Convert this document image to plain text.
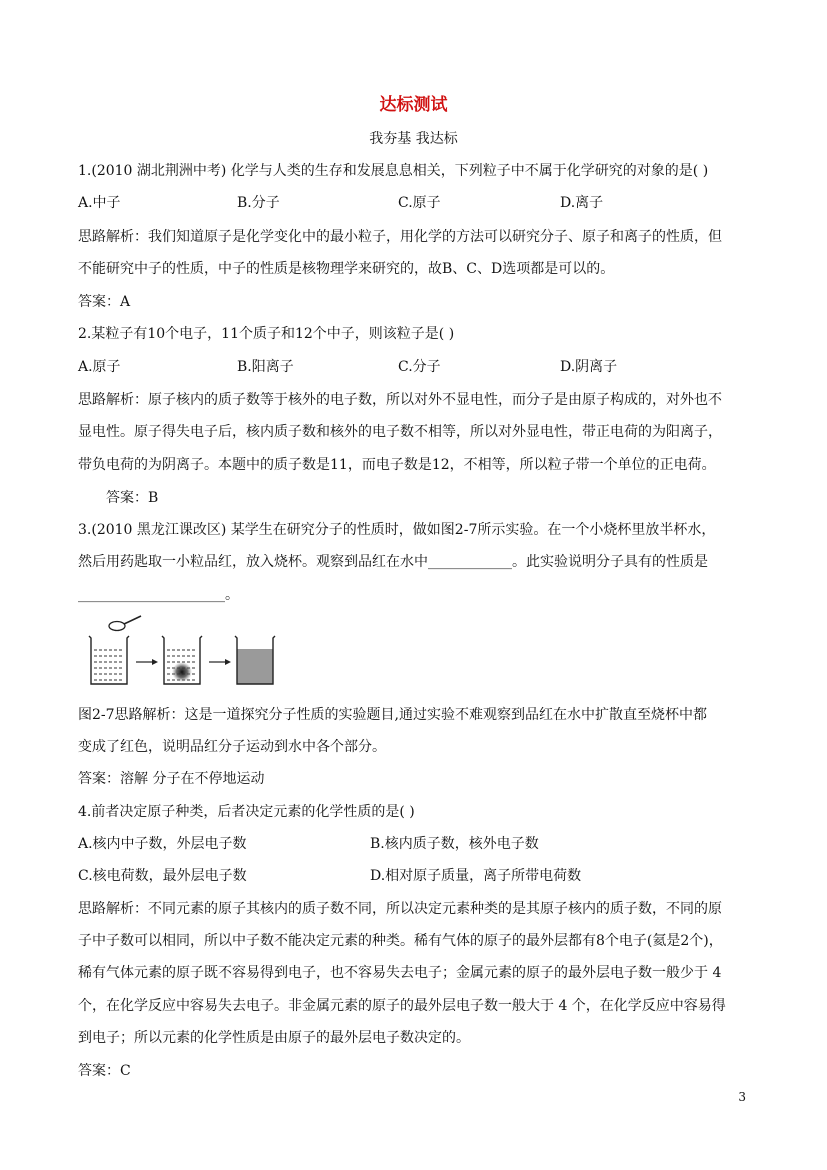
达标测试
我夯基 我达标
1.(2010 湖北荆洲中考) 化学与人类的生存和发展息息相关，下列粒子中不属于化学研究的对象的是( )
A.中子	B.分子	C.原子	D.离子
思路解析：我们知道原子是化学变化中的最小粒子，用化学的方法可以研究分子、原子和离子的性质，但
不能研究中子的性质，中子的性质是核物理学来研究的，故B、C、D选项都是可以的。
答案：A
2.某粒子有10个电子，11个质子和12个中子，则该粒子是( )
A.原子	B.阳离子	C.分子	D.阴离子
思路解析：原子核内的质子数等于核外的电子数，所以对外不显电性，而分子是由原子构成的，对外也不
显电性。原子得失电子后，核内质子数和核外的电子数不相等，所以对外显电性，带正电荷的为阳离子，
带负电荷的为阴离子。本题中的质子数是11，而电子数是12，不相等，所以粒子带一个单位的正电荷。
答案：B
3.(2010 黑龙江课改区) 某学生在研究分子的性质时，做如图2-7所示实验。在一个小烧杯里放半杯水，
然后用药匙取一小粒品红，放入烧杯。观察到品红在水中____________。此实验说明分子具有的性质是
_____________________。
图2-7思路解析：这是一道探究分子性质的实验题目,通过实验不难观察到品红在水中扩散直至烧杯中都
变成了红色，说明品红分子运动到水中各个部分。
答案：溶解 分子在不停地运动
4.前者决定原子种类，后者决定元素的化学性质的是( )
A.核内中子数，外层电子数	B.核内质子数，核外电子数
C.核电荷数，最外层电子数	D.相对原子质量，离子所带电荷数
思路解析：不同元素的原子其核内的质子数不同，所以决定元素种类的是其原子核内的质子数，不同的原
子中子数可以相同，所以中子数不能决定元素的种类。稀有气体的原子的最外层都有8个电子(氦是2个)，
稀有气体元素的原子既不容易得到电子，也不容易失去电子；金属元素的原子的最外层电子数一般少于 4
个，在化学反应中容易失去电子。非金属元素的原子的最外层电子数一般大于 4 个，在化学反应中容易得
到电子；所以元素的化学性质是由原子的最外层电子数决定的。
答案：C
3
